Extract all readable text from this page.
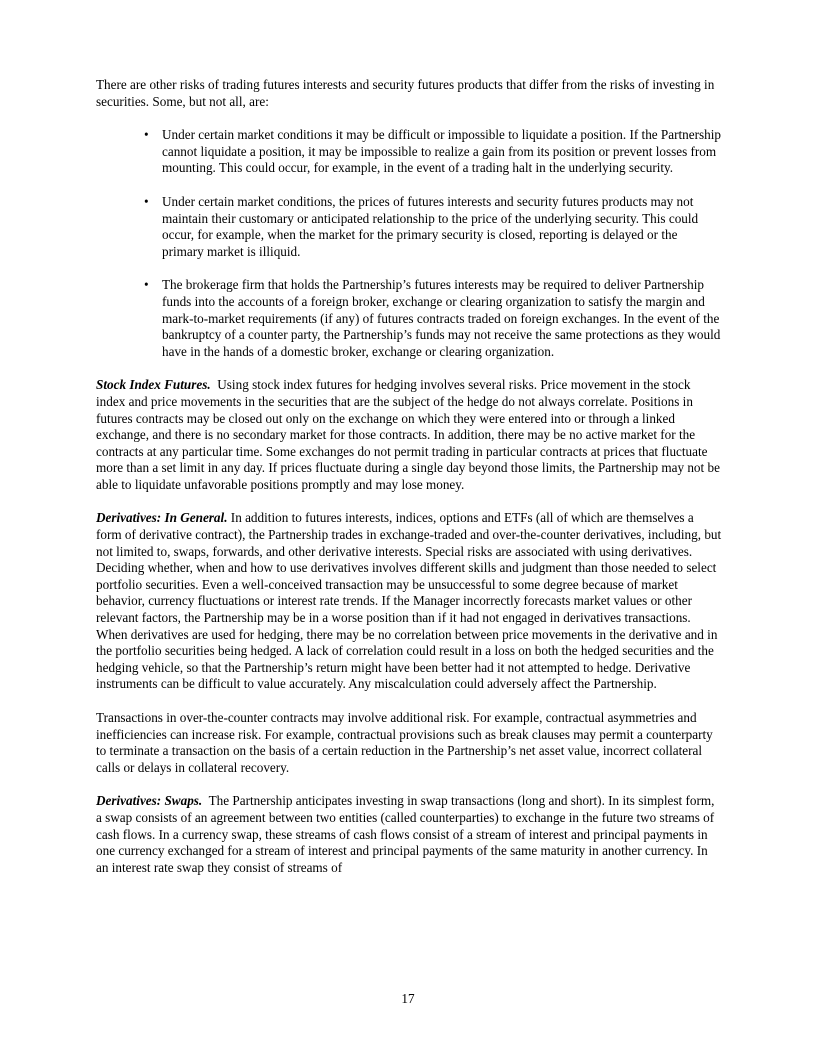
There are other risks of trading futures interests and security futures products that differ from the risks of investing in securities. Some, but not all, are:

• Under certain market conditions it may be difficult or impossible to liquidate a position. If the Partnership cannot liquidate a position, it may be impossible to realize a gain from its position or prevent losses from mounting. This could occur, for example, in the event of a trading halt in the underlying security.
• Under certain market conditions, the prices of futures interests and security futures products may not maintain their customary or anticipated relationship to the price of the underlying security. This could occur, for example, when the market for the primary security is closed, reporting is delayed or the primary market is illiquid.
• The brokerage firm that holds the Partnership’s futures interests may be required to deliver Partnership funds into the accounts of a foreign broker, exchange or clearing organization to satisfy the margin and mark-to-market requirements (if any) of futures contracts traded on foreign exchanges. In the event of the bankruptcy of a counter party, the Partnership’s funds may not receive the same protections as they would have in the hands of a domestic broker, exchange or clearing organization.

Stock Index Futures. Using stock index futures for hedging involves several risks. Price movement in the stock index and price movements in the securities that are the subject of the hedge do not always correlate. Positions in futures contracts may be closed out only on the exchange on which they were entered into or through a linked exchange, and there is no secondary market for those contracts. In addition, there may be no active market for the contracts at any particular time. Some exchanges do not permit trading in particular contracts at prices that fluctuate more than a set limit in any day. If prices fluctuate during a single day beyond those limits, the Partnership may not be able to liquidate unfavorable positions promptly and may lose money.

Derivatives: In General. In addition to futures interests, indices, options and ETFs (all of which are themselves a form of derivative contract), the Partnership trades in exchange-traded and over-the-counter derivatives, including, but not limited to, swaps, forwards, and other derivative interests. Special risks are associated with using derivatives. Deciding whether, when and how to use derivatives involves different skills and judgment than those needed to select portfolio securities. Even a well-conceived transaction may be unsuccessful to some degree because of market behavior, currency fluctuations or interest rate trends. If the Manager incorrectly forecasts market values or other relevant factors, the Partnership may be in a worse position than if it had not engaged in derivatives transactions. When derivatives are used for hedging, there may be no correlation between price movements in the derivative and in the portfolio securities being hedged. A lack of correlation could result in a loss on both the hedged securities and the hedging vehicle, so that the Partnership’s return might have been better had it not attempted to hedge. Derivative instruments can be difficult to value accurately. Any miscalculation could adversely affect the Partnership.

Transactions in over-the-counter contracts may involve additional risk. For example, contractual asymmetries and inefficiencies can increase risk. For example, contractual provisions such as break clauses may permit a counterparty to terminate a transaction on the basis of a certain reduction in the Partnership’s net asset value, incorrect collateral calls or delays in collateral recovery.

Derivatives: Swaps. The Partnership anticipates investing in swap transactions (long and short). In its simplest form, a swap consists of an agreement between two entities (called counterparties) to exchange in the future two streams of cash flows. In a currency swap, these streams of cash flows consist of a stream of interest and principal payments in one currency exchanged for a stream of interest and principal payments of the same maturity in another currency. In an interest rate swap they consist of streams of

17
